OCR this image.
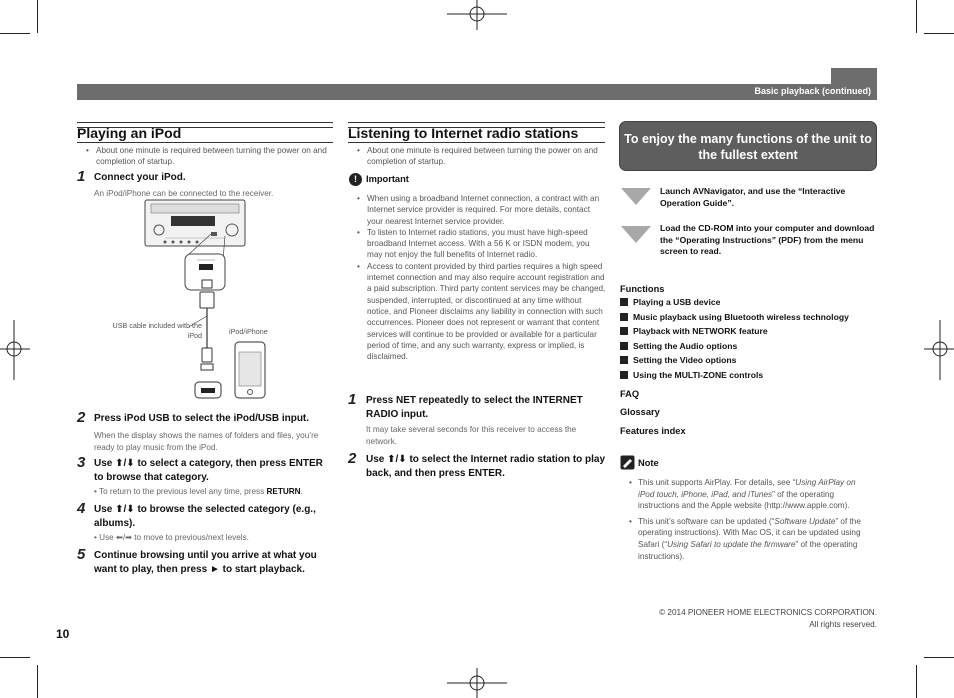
Basic playback (continued)
Playing an iPod

• About one minute is required between turning the power on and completion of startup.

1 Connect your iPod.
An iPod/iPhone can be connected to the receiver.
USB cable included with the iPod	iPod/iPhone
2 Press iPod USB to select the iPod/USB input.
When the display shows the names of folders and files, you’re ready to play music from the iPod.
3 Use ⬆/⬇ to select a category, then press ENTER to browse that category.
• To return to the previous level any time, press RETURN.
4 Use ⬆/⬇ to browse the selected category (e.g., albums).
• Use ⬅/➡ to move to previous/next levels.
5 Continue browsing until you arrive at what you want to play, then press ► to start playback.
Listening to Internet radio stations

• About one minute is required between turning the power on and completion of startup.

! Important

• When using a broadband Internet connection, a contract with an Internet service provider is required. For more details, contact your nearest Internet service provider.

• To listen to Internet radio stations, you must have high-speed broadband Internet access. With a 56 K or ISDN modem, you may not enjoy the full benefits of Internet radio.

• Access to content provided by third parties requires a high speed internet connection and may also require account registration and a paid subscription. Third party content services may be changed, suspended, interrupted, or discontinued at any time without notice, and Pioneer disclaims any liability in connection with such occurrences. Pioneer does not represent or warrant that content services will continue to be provided or available for a particular period of time, and any such warranty, express or implied, is disclaimed.

1 Press NET repeatedly to select the INTERNET RADIO input.
It may take several seconds for this receiver to access the network.
2 Use ⬆/⬇ to select the Internet radio station to play back, and then press ENTER.
To enjoy the many functions of the unit to the fullest extent
Launch AVNavigator, and use the “Interactive Operation Guide”.
Load the CD-ROM into your computer and download the “Operating Instructions” (PDF) from the menu screen to read.
Functions
Playing a USB device
Music playback using Bluetooth wireless technology
Playback with NETWORK feature
Setting the Audio options
Setting the Video options
Using the MULTI-ZONE controls
FAQ
Glossary
Features index
Note

• This unit supports AirPlay. For details, see “Using AirPlay on iPod touch, iPhone, iPad, and iTunes” of the operating instructions and the Apple website (http://www.apple.com).

• This unit’s software can be updated (“Software Update” of the operating instructions). With Mac OS, it can be updated using Safari (“Using Safari to update the firmware” of the operating instructions).

© 2014 PIONEER HOME ELECTRONICS CORPORATION.
All rights reserved.
10
